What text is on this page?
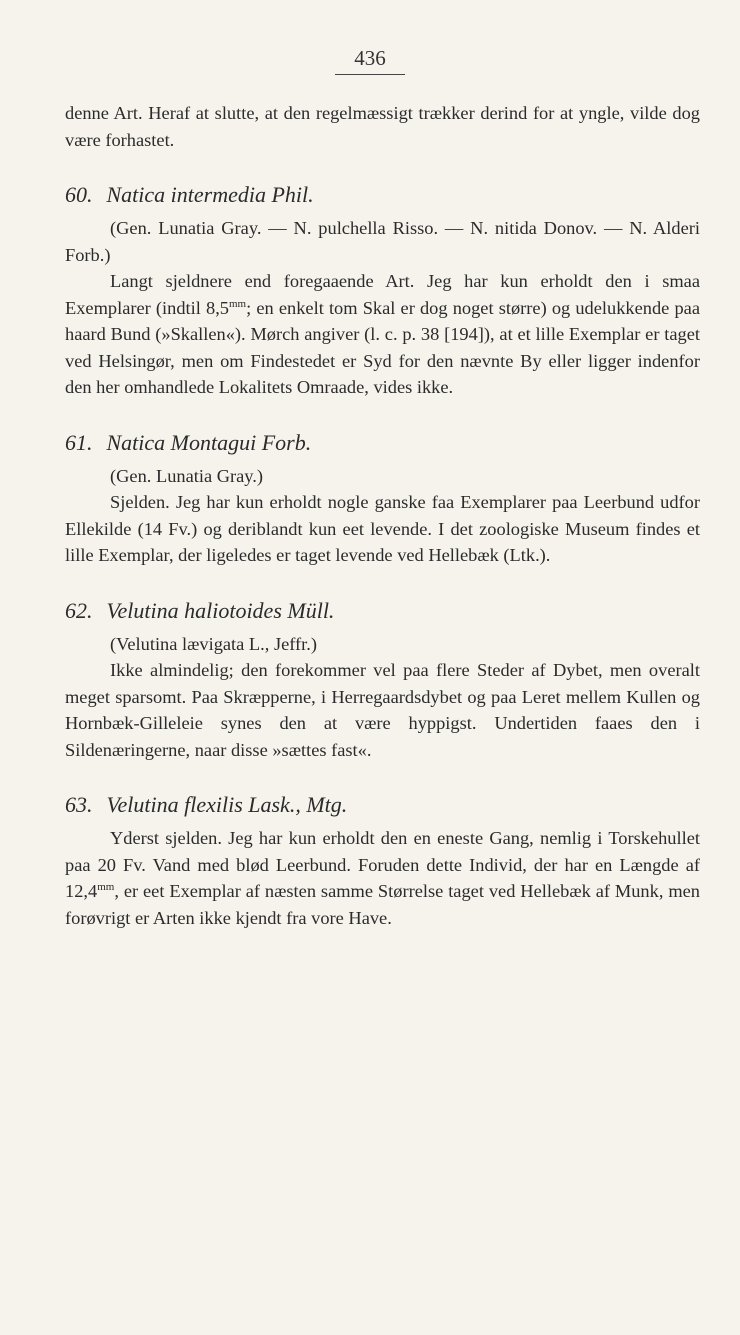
436

denne Art. Heraf at slutte, at den regelmæssigt trækker derind for at yngle, vilde dog være forhastet.

60. Natica intermedia Phil.

(Gen. Lunatia Gray. — N. pulchella Risso. — N. nitida Donov. — N. Alderi Forb.)

Langt sjeldnere end foregaaende Art. Jeg har kun erholdt den i smaa Exemplarer (indtil $8,5^{mm}$; en enkelt tom Skal er dog noget større) og udelukkende paa haard Bund (»Skallen«). Mørch angiver (l. c. p. 38 [194]), at et lille Exemplar er taget ved Helsingør, men om Findestedet er Syd for den nævnte By eller ligger indenfor den her omhandlede Lokalitets Omraade, vides ikke.

61. Natica Montagui Forb.

(Gen. Lunatia Gray.)

Sjelden. Jeg har kun erholdt nogle ganske faa Exemplarer paa Leerbund udfor Ellekilde (14 Fv.) og deriblandt kun eet levende. I det zoologiske Museum findes et lille Exemplar, der ligeledes er taget levende ved Hellebæk (Ltk.).

62. Velutina haliotoides Müll.

(Velutina lævigata L., Jeffr.)

Ikke almindelig; den forekommer vel paa flere Steder af Dybet, men overalt meget sparsomt. Paa Skræpperne, i Herregaardsdybet og paa Leret mellem Kullen og Hornbæk-Gilleleie synes den at være hyppigst. Undertiden faaes den i Sildenæringerne, naar disse »sættes fast«.

63. Velutina flexilis Lask., Mtg.

Yderst sjelden. Jeg har kun erholdt den en eneste Gang, nemlig i Torskehullet paa 20 Fv. Vand med blød Leerbund. Foruden dette Individ, der har en Længde af $12,4^{mm}$, er eet Exemplar af næsten samme Størrelse taget ved Hellebæk af Munk, men forøvrigt er Arten ikke kjendt fra vore Have.
